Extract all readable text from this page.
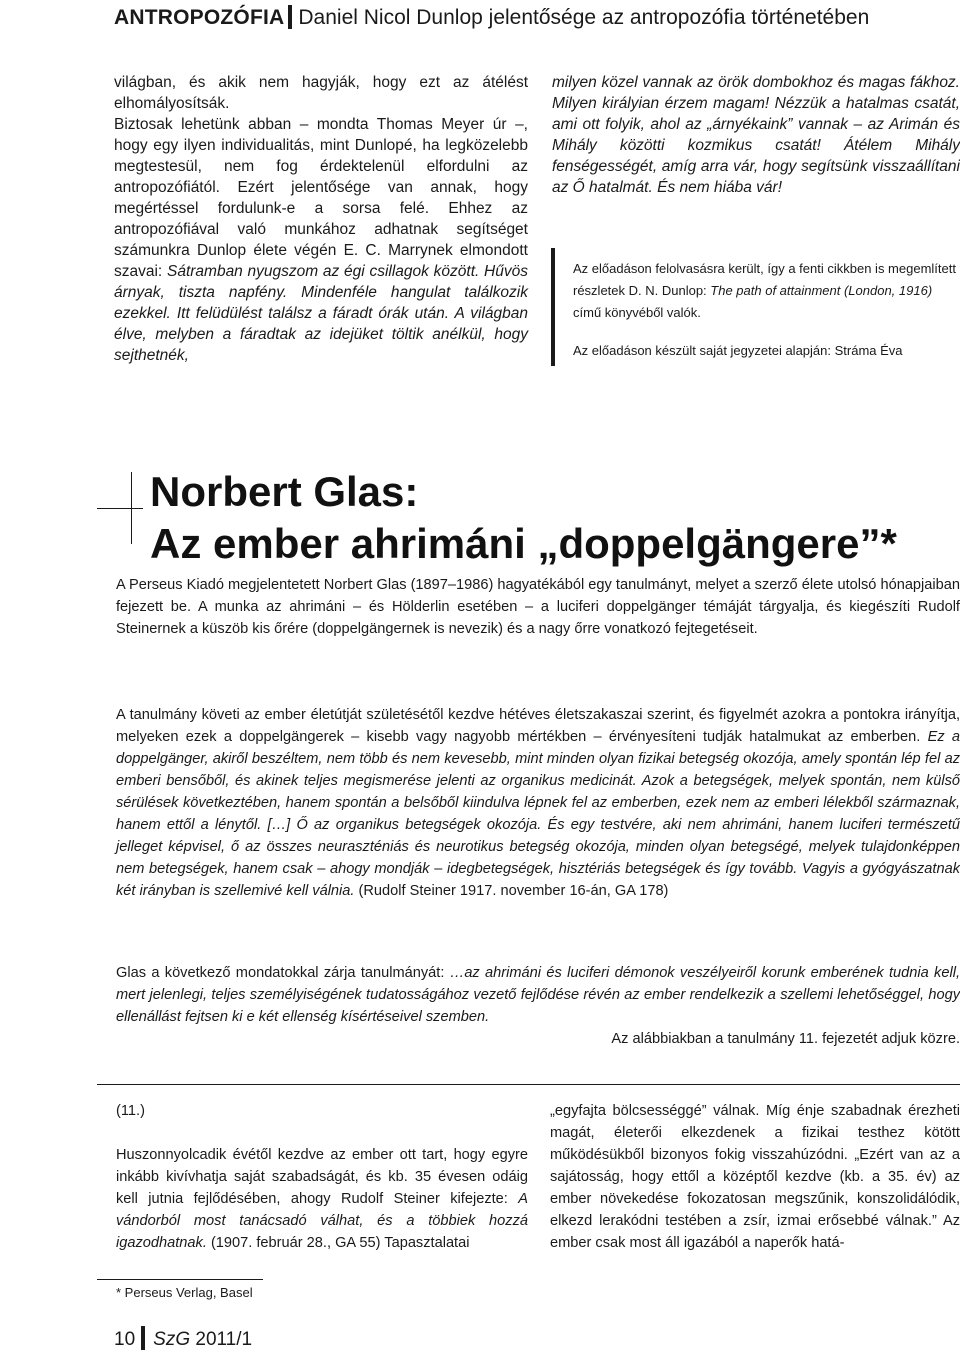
ANTROPOZÓFIA Daniel Nicol Dunlop jelentősége az antropozófia történetében

világban, és akik nem hagyják, hogy ezt az átélést elhomályosítsák.

Biztosak lehetünk abban – mondta Thomas Meyer úr –, hogy egy ilyen individualitás, mint Dunlopé, ha legközelebb megtestesül, nem fog érdektelenül elfordulni az antropozófiától. Ezért jelentősége van annak, hogy megértéssel fordulunk-e a sorsa felé. Ehhez az antropozófiával való munkához adhatnak segítséget számunkra Dunlop élete végén E. C. Marrynek elmondott szavai: Sátramban nyugszom az égi csillagok között. Hűvös árnyak, tiszta napfény. Mindenféle hangulat találkozik ezekkel. Itt felüdülést találsz a fáradt órák után. A világban élve, melyben a fáradtak az idejüket töltik anélkül, hogy sejthetnék,

milyen közel vannak az örök dombokhoz és magas fákhoz. Milyen királyian érzem magam! Nézzük a hatalmas csatát, ami ott folyik, ahol az „árnyékaink” vannak – az Arimán és Mihály közötti kozmikus csatát! Átélem Mihály fenségességét, amíg arra vár, hogy segítsünk visszaállítani az Ő hatalmát. És nem hiába vár!

Az előadáson felolvasásra került, így a fenti cikkben is megemlített részletek D. N. Dunlop: The path of attainment (London, 1916) című könyvéből valók.

Az előadáson készült saját jegyzetei alapján: Strámа Éva

Norbert Glas:
Az ember ahrimáni „doppelgängere”*

A Perseus Kiadó megjelentetett Norbert Glas (1897–1986) hagyatékából egy tanulmányt, melyet a szerző élete utolsó hónapjaiban fejezett be. A munka az ahrimáni – és Hölderlin esetében – a luciferi doppelgänger témáját tárgyalja, és kiegészíti Rudolf Steinernek a küszöb kis őrére (doppelgängernek is nevezik) és a nagy őrre vonatkozó fejtegetéseit.

A tanulmány követi az ember életútját születésétől kezdve hétéves életszakaszai szerint, és figyelmét azokra a pontokra irányítja, melyeken ezek a doppelgängerek – kisebb vagy nagyobb mértékben – érvényesíteni tudják hatalmukat az emberben. Ez a doppelgänger, akiről beszéltem, nem több és nem kevesebb, mint minden olyan fizikai betegség okozója, amely spontán lép fel az emberi bensőből, és akinek teljes megismerése jelenti az organikus medicinát. Azok a betegségek, melyek spontán, nem külső sérülések következtében, hanem spontán a belsőből kiindulva lépnek fel az emberben, ezek nem az emberi lélekből származnak, hanem ettől a lénytől. […] Ő az organikus betegségek okozója. És egy testvére, aki nem ahrimáni, hanem luciferi természetű jelleget képvisel, ő az összes neuraszténiás és neurotikus betegség okozója, minden olyan betegségé, melyek tulajdonképpen nem betegségek, hanem csak – ahogy mondják – idegbetegségek, hisztériás betegségek és így tovább. Vagyis a gyógyászatnak két irányban is szellemivé kell válnia. (Rudolf Steiner 1917. november 16-án, GA 178)

Glas a következő mondatokkal zárja tanulmányát: …az ahrimáni és luciferi démonok veszélyeiről korunk emberének tudnia kell, mert jelenlegi, teljes személyiségének tudatosságához vezető fejlődése révén az ember rendelkezik a szellemi lehetőséggel, hogy ellenállást fejtsen ki e két ellenség kísértéseivel szemben.

Az alábbiakban a tanulmány 11. fejezetét adjuk közre.

(11.)

Huszonnyolcadik évétől kezdve az ember ott tart, hogy egyre inkább kivívhatja saját szabadságát, és kb. 35 évesen odáig kell jutnia fejlődésében, ahogy Rudolf Steiner kifejezte: A vándorból most tanácsadó válhat, és a többiek hozzá igazodhatnak. (1907. február 28., GA 55) Tapasztalatai

„egyfajta bölcsességgé” válnak. Míg énje szabadnak érezheti magát, életerői elkezdenek a fizikai testhez kötött működésükből bizonyos fokig visszahúzódni. „Ezért van az a sajátosság, hogy ettől a középtől kezdve (kb. a 35. év) az ember növekedése fokozatosan megszűnik, konszolidálódik, elkezd lerakódni testében a zsír, izmai erősebbé válnak.” Az ember csak most áll igazából a naperők hatá-

* Perseus Verlag, Basel
10 SzG 2011/1
